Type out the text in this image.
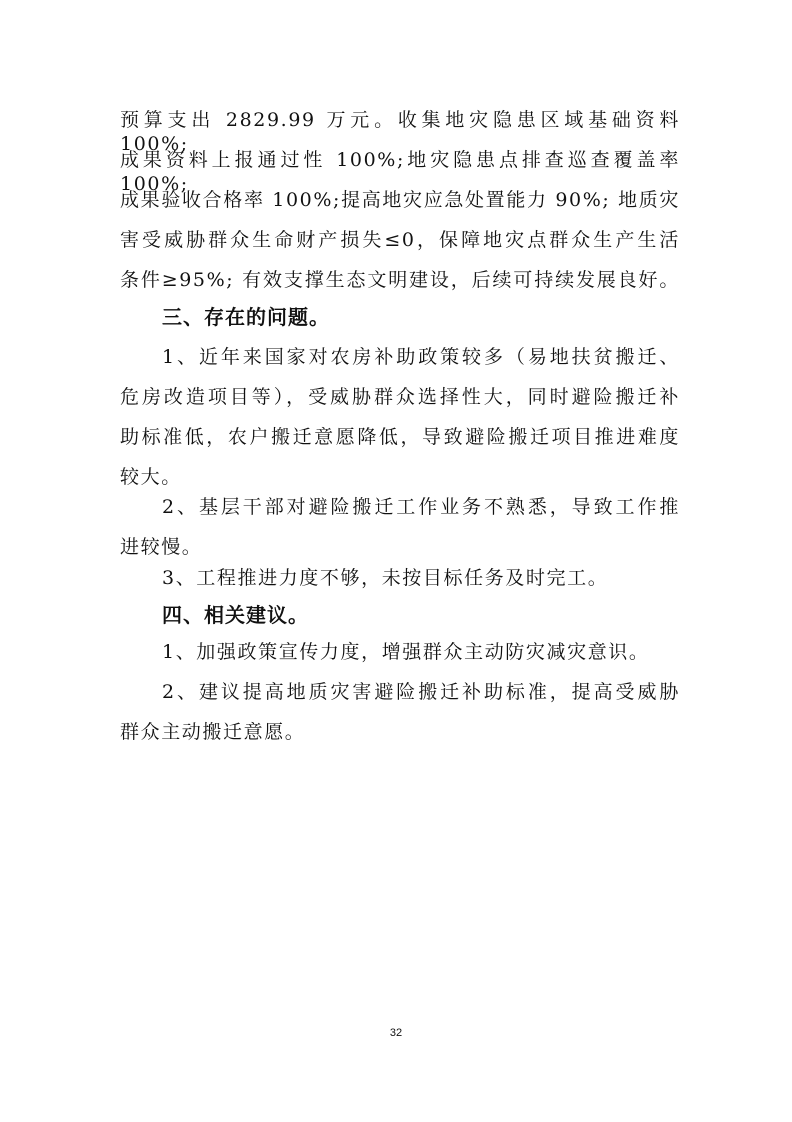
预算支出 2829.99 万元。收集地灾隐患区域基础资料 100%;
成果资料上报通过性 100%;地灾隐患点排查巡查覆盖率 100%;
成果验收合格率 100%;提高地灾应急处置能力 90%; 地质灾
害受威胁群众生命财产损失≤0，保障地灾点群众生产生活
条件≥95%; 有效支撑生态文明建设，后续可持续发展良好。
三、存在的问题。
1、近年来国家对农房补助政策较多（易地扶贫搬迁、
危房改造项目等），受威胁群众选择性大，同时避险搬迁补
助标准低，农户搬迁意愿降低，导致避险搬迁项目推进难度
较大。
2、基层干部对避险搬迁工作业务不熟悉，导致工作推
进较慢。
3、工程推进力度不够，未按目标任务及时完工。
四、相关建议。
1、加强政策宣传力度，增强群众主动防灾减灾意识。
2、建议提高地质灾害避险搬迁补助标准，提高受威胁
群众主动搬迁意愿。
32
